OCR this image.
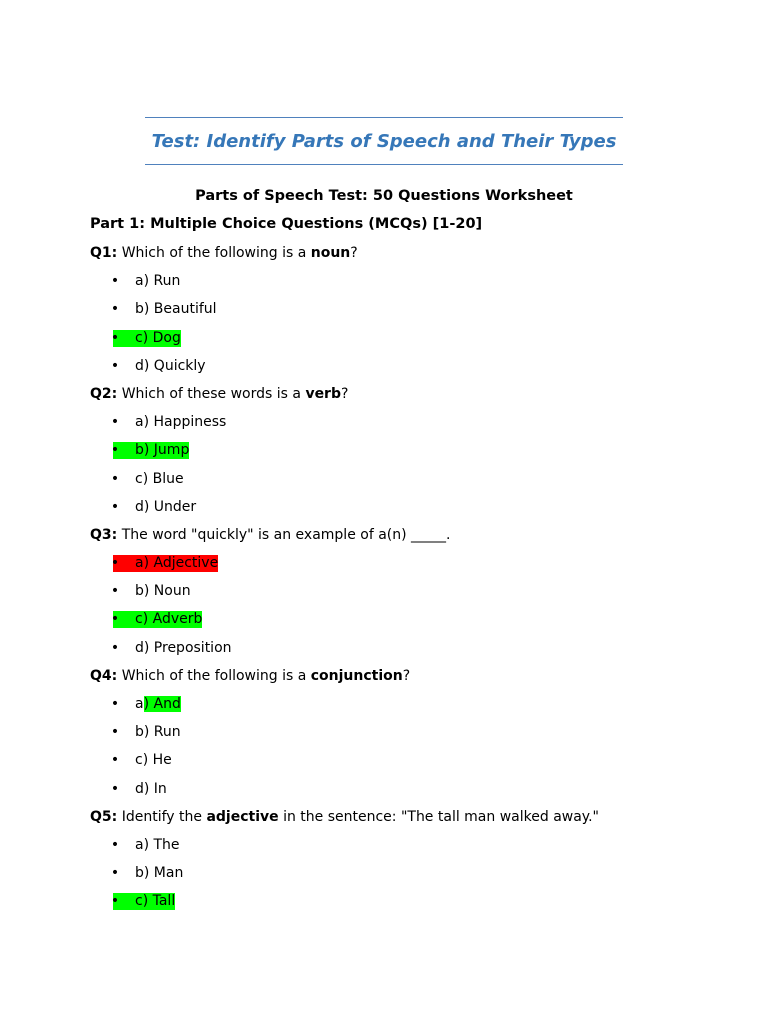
Test: Identify Parts of Speech and Their Types
Parts of Speech Test: 50 Questions Worksheet
Part 1: Multiple Choice Questions (MCQs) [1-20]
Q1: Which of the following is a noun?
• a) Run
• b) Beautiful
• c) Dog
• d) Quickly
Q2: Which of these words is a verb?
• a) Happiness
• b) Jump
• c) Blue
• d) Under
Q3: The word "quickly" is an example of a(n) _____.
• a) Adjective
• b) Noun
• c) Adverb
• d) Preposition
Q4: Which of the following is a conjunction?
• a) And
• b) Run
• c) He
• d) In
Q5: Identify the adjective in the sentence: "The tall man walked away."
• a) The
• b) Man
• c) Tall
